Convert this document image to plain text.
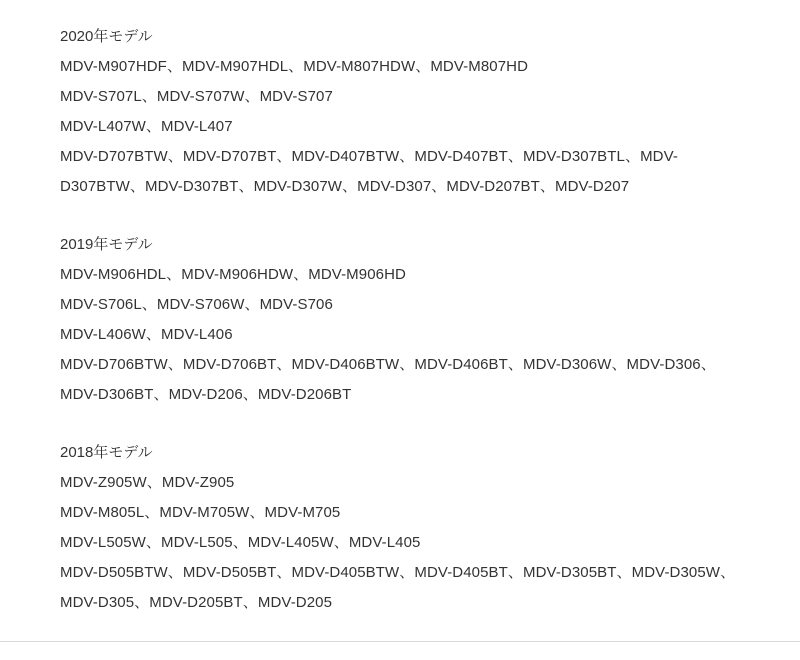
2020年モデル
MDV-M907HDF、MDV-M907HDL、MDV-M807HDW、MDV-M807HD
MDV-S707L、MDV-S707W、MDV-S707
MDV-L407W、MDV-L407
MDV-D707BTW、MDV-D707BT、MDV-D407BTW、MDV-D407BT、MDV-D307BTL、MDV-D307BTW、MDV-D307BT、MDV-D307W、MDV-D307、MDV-D207BT、MDV-D207
2019年モデル
MDV-M906HDL、MDV-M906HDW、MDV-M906HD
MDV-S706L、MDV-S706W、MDV-S706
MDV-L406W、MDV-L406
MDV-D706BTW、MDV-D706BT、MDV-D406BTW、MDV-D406BT、MDV-D306W、MDV-D306、MDV-D306BT、MDV-D206、MDV-D206BT
2018年モデル
MDV-Z905W、MDV-Z905
MDV-M805L、MDV-M705W、MDV-M705
MDV-L505W、MDV-L505、MDV-L405W、MDV-L405
MDV-D505BTW、MDV-D505BT、MDV-D405BTW、MDV-D405BT、MDV-D305BT、MDV-D305W、MDV-D305、MDV-D205BT、MDV-D205
